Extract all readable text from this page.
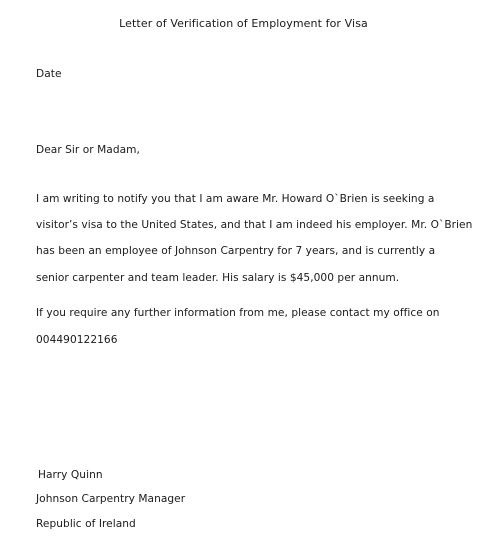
Letter of Verification of Employment for Visa
Date
Dear Sir or Madam,
I am writing to notify you that I am aware Mr. Howard O`Brien is seeking a
visitor’s visa to the United States, and that I am indeed his employer. Mr. O`Brien
has been an employee of Johnson Carpentry for 7 years, and is currently a
senior carpenter and team leader. His salary is $45,000 per annum.
If you require any further information from me, please contact my office on
004490122166
Harry Quinn
Johnson Carpentry Manager
Republic of Ireland
